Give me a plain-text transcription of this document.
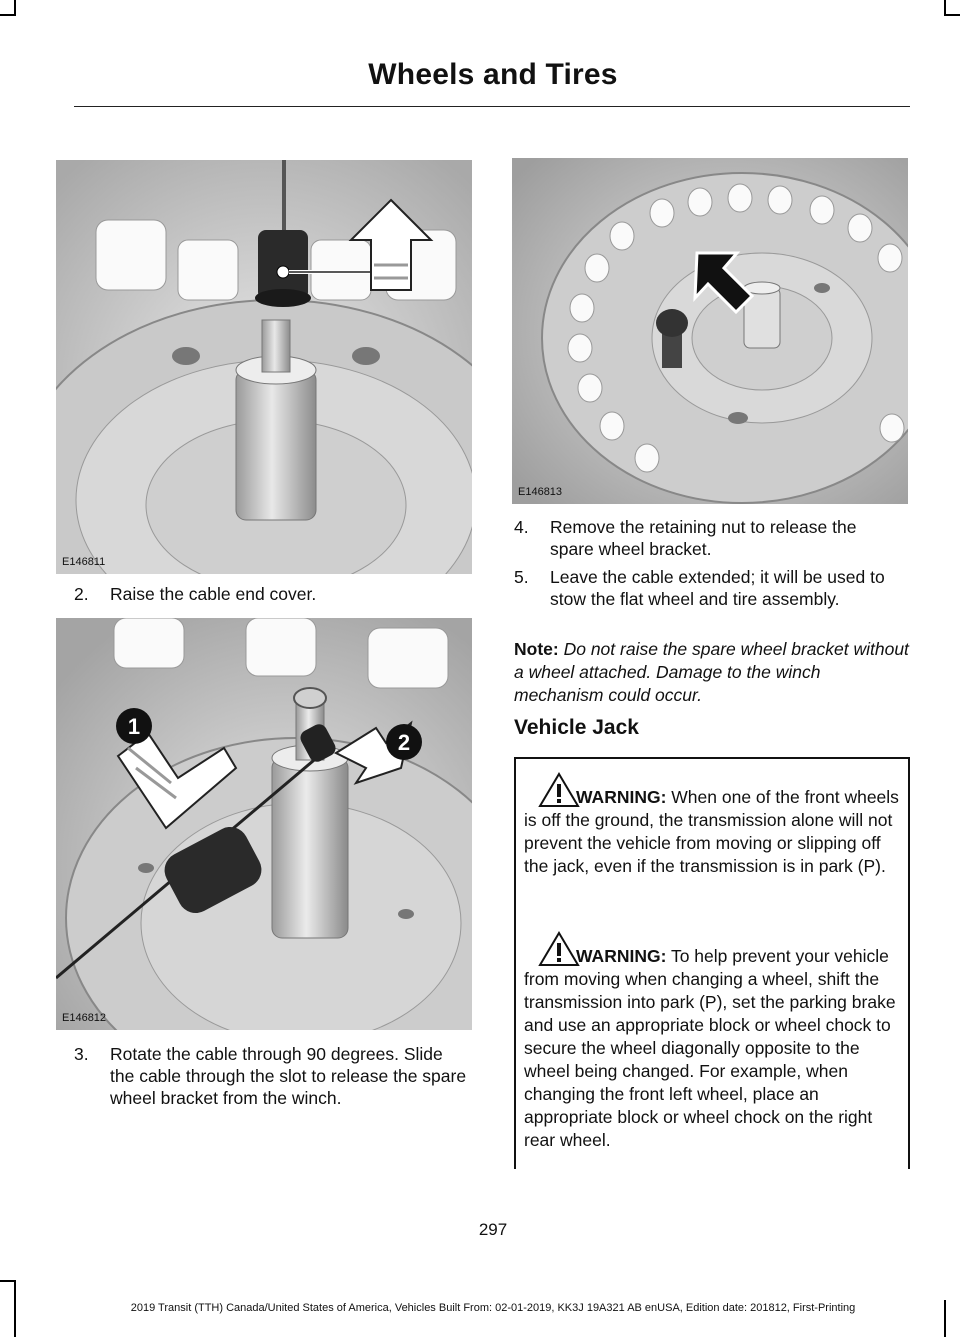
Wheels and Tires
E146811
2. Raise the cable end cover.
1
2
E146812
3. Rotate the cable through 90 degrees. Slide the cable through the slot to release the spare wheel bracket from the winch.
E146813
4. Remove the retaining nut to release the spare wheel bracket.
5. Leave the cable extended; it will be used to stow the flat wheel and tire assembly.
Note: Do not raise the spare wheel bracket without a wheel attached. Damage to the winch mechanism could occur.
Vehicle Jack
WARNING: When one of the front wheels is off the ground, the transmission alone will not prevent the vehicle from moving or slipping off the jack, even if the transmission is in park (P).
WARNING: To help prevent your vehicle from moving when changing a wheel, shift the transmission into park (P), set the parking brake and use an appropriate block or wheel chock to secure the wheel diagonally opposite to the wheel being changed. For example, when changing the front left wheel, place an appropriate block or wheel chock on the right rear wheel.
297
2019 Transit (TTH) Canada/United States of America, Vehicles Built From: 02-01-2019, KK3J 19A321 AB enUSA, Edition date: 201812, First-Printing
